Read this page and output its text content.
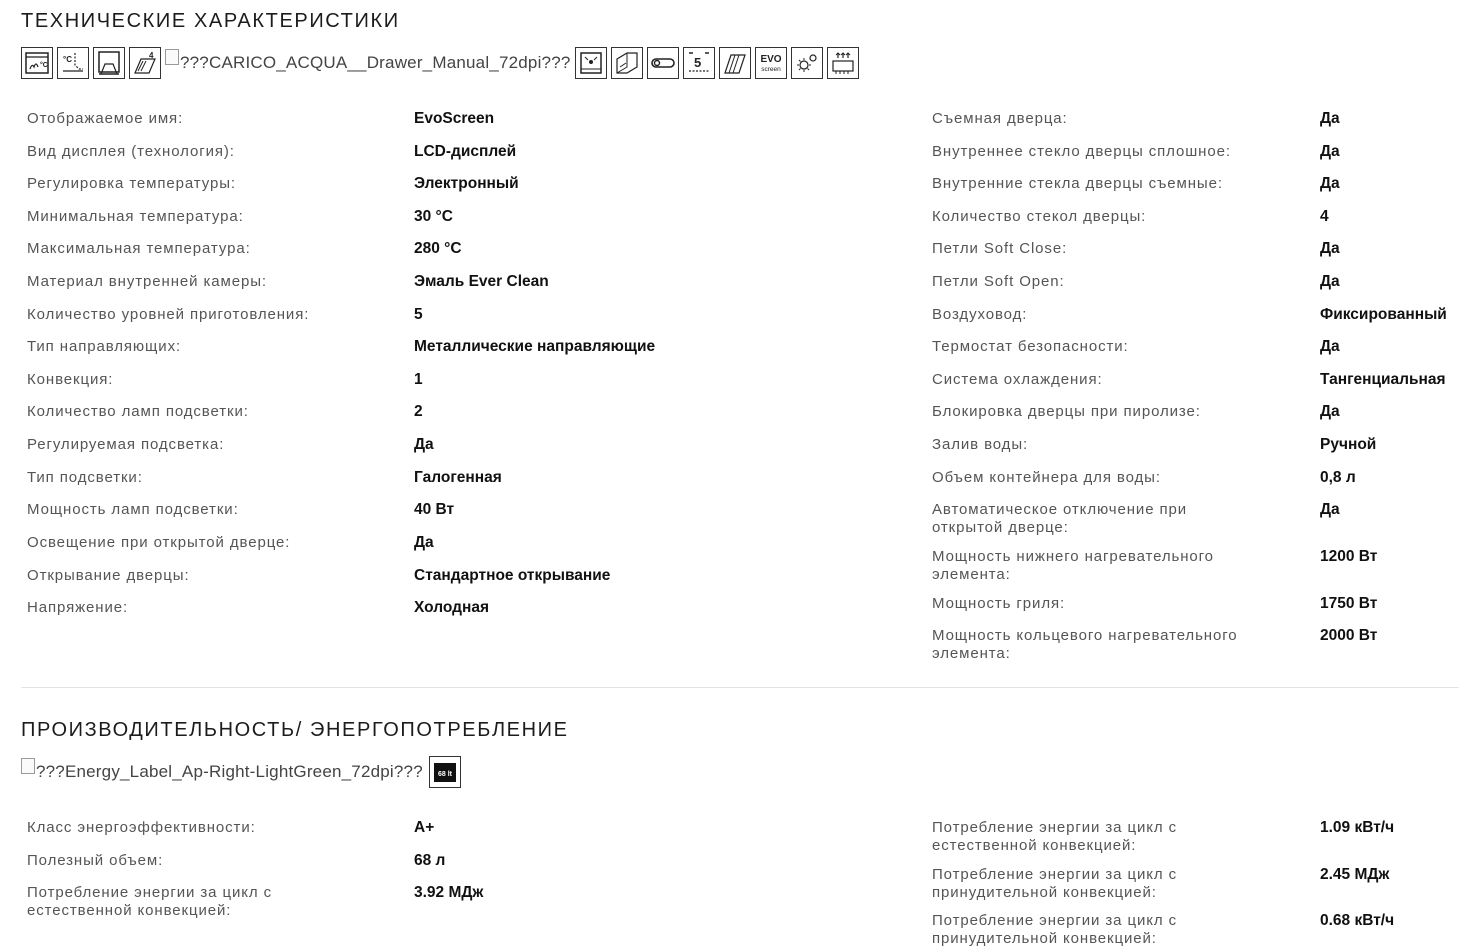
ТЕХНИЧЕСКИЕ ХАРАКТЕРИСТИКИ
°C
°C	4 ???CARICO_ACQUA__Drawer_Manual_72dpi???	5	EVO
screen
Отображаемое имя:	EvoScreen
Вид дисплея (технология):	LCD-дисплей
Регулировка температуры:	Электронный
Минимальная температура:	30 °C
Максимальная температура:	280 °C
Материал внутренней камеры:	Эмаль Ever Clean
Количество уровней приготовления:	5
Тип направляющих:	Металлические направляющие
Конвекция:	1
Количество ламп подсветки:	2
Регулируемая подсветка:	Да
Тип подсветки:	Галогенная
Мощность ламп подсветки:	40 Вт
Освещение при открытой дверце:	Да
Открывание дверцы:	Стандартное открывание
Напряжение:	Холодная
Съемная дверца:	Да
Внутреннее стекло дверцы сплошное:	Да
Внутренние стекла дверцы съемные:	Да
Количество стекол дверцы:	4
Петли Soft Close:	Да
Петли Soft Open:	Да
Воздуховод:	Фиксированный
Термостат безопасности:	Да
Система охлаждения:	Тангенциальная
Блокировка дверцы при пиролизе:	Да
Залив воды:	Ручной
Объем контейнера для воды:	0,8 л
Автоматическое отключение при открытой дверце:
Да
Мощность нижнего нагревательного элемента:
1200 Вт
Мощность гриля:	1750 Вт
Мощность кольцевого нагревательного элемента:
2000 Вт
ПРОИЗВОДИТЕЛЬНОСТЬ/ ЭНЕРГОПОТРЕБЛЕНИЕ
???Energy_Label_Ap-Right-LightGreen_72dpi??? 68 lt
Класс энергоэффективности:	A+
Полезный объем:	68 л
Потребление энергии за цикл с естественной конвекцией:
3.92 МДж
Потребление энергии за цикл с естественной конвекцией:
1.09 кВт/ч
Потребление энергии за цикл с принудительной конвекцией:
2.45 МДж
Потребление энергии за цикл с принудительной конвекцией:
0.68 кВт/ч
